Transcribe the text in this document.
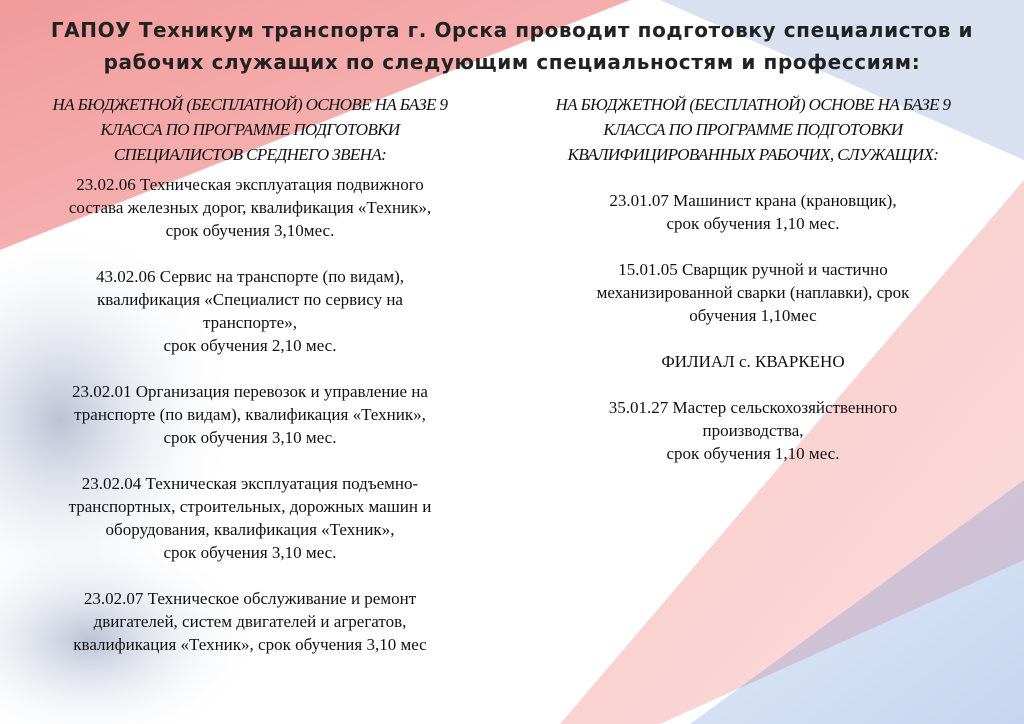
ГАПОУ Техникум транспорта г. Орска проводит подготовку специалистов и
рабочих служащих по следующим специальностям и профессиям:
НА БЮДЖЕТНОЙ (БЕСПЛАТНОЙ) ОСНОВЕ НА БАЗЕ 9
КЛАССА ПО ПРОГРАММЕ ПОДГОТОВКИ
СПЕЦИАЛИСТОВ СРЕДНЕГО ЗВЕНА:
23.02.06 Техническая эксплуатация подвижного
состава железных дорог, квалификация «Техник»,
срок обучения 3,10мес.
43.02.06 Сервис на транспорте (по видам),
квалификация «Специалист по сервису на
транспорте»,
срок обучения 2,10 мес.
23.02.01 Организация перевозок и управление на
транспорте (по видам), квалификация «Техник»,
срок обучения 3,10 мес.
23.02.04 Техническая эксплуатация подъемно-
транспортных, строительных, дорожных машин и
оборудования, квалификация «Техник»,
срок обучения 3,10 мес.
23.02.07 Техническое обслуживание и ремонт
двигателей, систем двигателей и агрегатов,
квалификация «Техник», срок обучения 3,10 мес
НА БЮДЖЕТНОЙ (БЕСПЛАТНОЙ) ОСНОВЕ НА БАЗЕ 9
КЛАССА ПО ПРОГРАММЕ ПОДГОТОВКИ
КВАЛИФИЦИРОВАННЫХ РАБОЧИХ, СЛУЖАЩИХ:
23.01.07 Машинист крана (крановщик),
срок обучения 1,10 мес.
15.01.05 Сварщик ручной и частично
механизированной сварки (наплавки), срок
обучения 1,10мес
ФИЛИАЛ с. КВАРКЕНО
35.01.27 Мастер сельскохозяйственного
производства,
срок обучения 1,10 мес.
